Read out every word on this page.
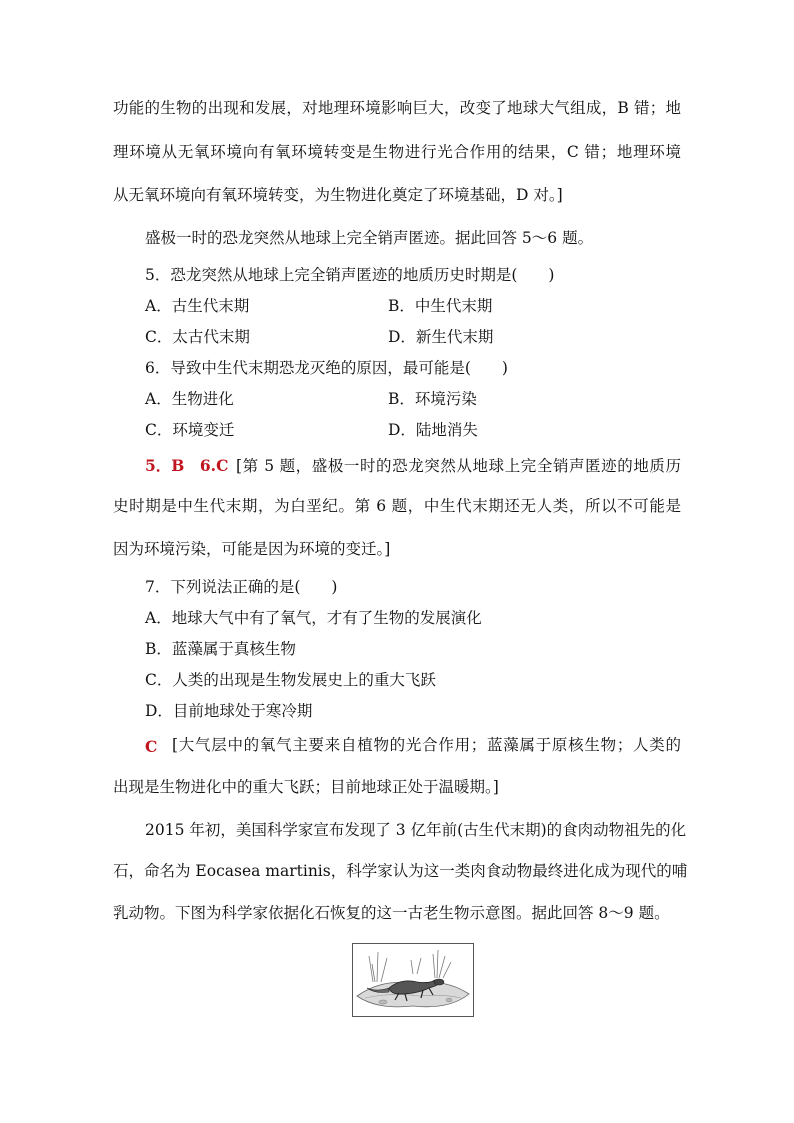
功能的生物的出现和发展，对地理环境影响巨大，改变了地球大气组成，B 错；地
理环境从无氧环境向有氧环境转变是生物进行光合作用的结果，C 错；地理环境
从无氧环境向有氧环境转变，为生物进化奠定了环境基础，D 对。]
盛极一时的恐龙突然从地球上完全销声匿迹。据此回答 5～6 题。
5．恐龙突然从地球上完全销声匿迹的地质历史时期是(　　)
A．古生代末期	B．中生代末期
C．太古代末期	D．新生代末期
6．导致中生代末期恐龙灭绝的原因，最可能是(　　)
A．生物进化	B．环境污染
C．环境变迁	D．陆地消失
5．B　6.C [第 5 题，盛极一时的恐龙突然从地球上完全销声匿迹的地质历
史时期是中生代末期，为白垩纪。第 6 题，中生代末期还无人类，所以不可能是
因为环境污染，可能是因为环境的变迁。]
7．下列说法正确的是(　　)
A．地球大气中有了氧气，才有了生物的发展演化
B．蓝藻属于真核生物
C．人类的出现是生物发展史上的重大飞跃
D．目前地球处于寒冷期
C [大气层中的氧气主要来自植物的光合作用；蓝藻属于原核生物；人类的
出现是生物进化中的重大飞跃；目前地球正处于温暖期。]
2015 年初，美国科学家宣布发现了 3 亿年前(古生代末期)的食肉动物祖先的化
石，命名为 Eocasea martinis，科学家认为这一类肉食动物最终进化成为现代的哺
乳动物。下图为科学家依据化石恢复的这一古老生物示意图。据此回答 8～9 题。
